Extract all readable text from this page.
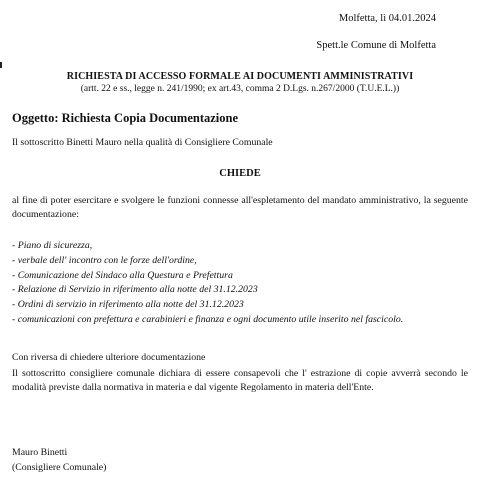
Molfetta, lì 04.01.2024
Spett.le Comune di Molfetta
RICHIESTA DI ACCESSO FORMALE AI DOCUMENTI AMMINISTRATIVI
(artt. 22 e ss., legge n. 241/1990; ex art.43, comma 2 D.Lgs. n.267/2000 (T.U.E.L.))
Oggetto: Richiesta Copia Documentazione
Il sottoscritto Binetti Mauro nella qualità di Consigliere Comunale
CHIEDE
al fine di poter esercitare e svolgere le funzioni connesse all'espletamento del mandato amministrativo, la seguente documentazione:
- Piano di sicurezza,
- verbale dell' incontro con le forze dell'ordine,
- Comunicazione del Sindaco alla Questura e Prefettura
- Relazione di Servizio in riferimento alla notte del 31.12.2023
- Ordini di servizio in riferimento alla notte del 31.12.2023
- comunicazioni con prefettura e carabinieri e finanza e ogni documento utile inserito nel fascicolo.
Con riversa di chiedere ulteriore documentazione
Il sottoscritto consigliere comunale dichiara di essere consapevoli che l' estrazione di copie avverrà secondo le modalità previste dalla normativa in materia e dal vigente Regolamento in materia dell'Ente.
Mauro Binetti
(Consigliere Comunale)
